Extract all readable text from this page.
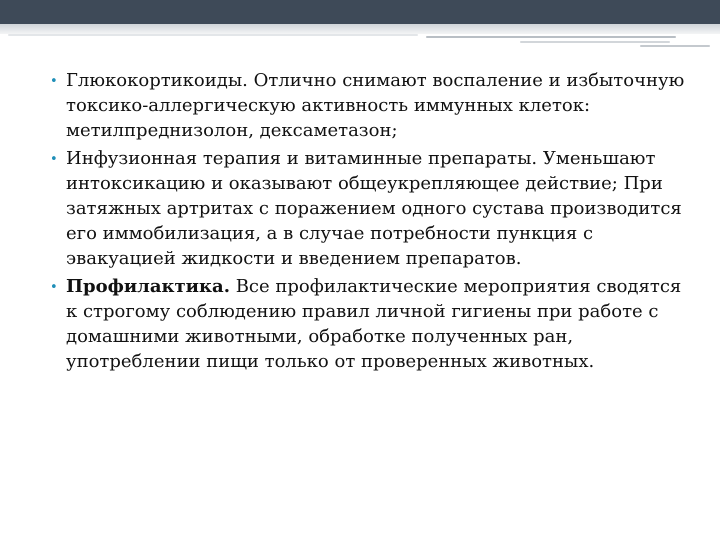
• Глюкокортикоиды. Отлично снимают воспаление и избыточную токсико-аллергическую активность иммунных клеток: метилпреднизолон, дексаметазон;
• Инфузионная терапия и витаминные препараты. Уменьшают интоксикацию и оказывают общеукрепляющее действие; При затяжных артритах с поражением одного сустава производится его иммобилизация, а в случае потребности пункция с эвакуацией жидкости и введением препаратов.
• Профилактика. Все профилактические мероприятия сводятся к строгому соблюдению правил личной гигиены при работе с домашними животными, обработке полученных ран, употреблении пищи только от проверенных животных.
